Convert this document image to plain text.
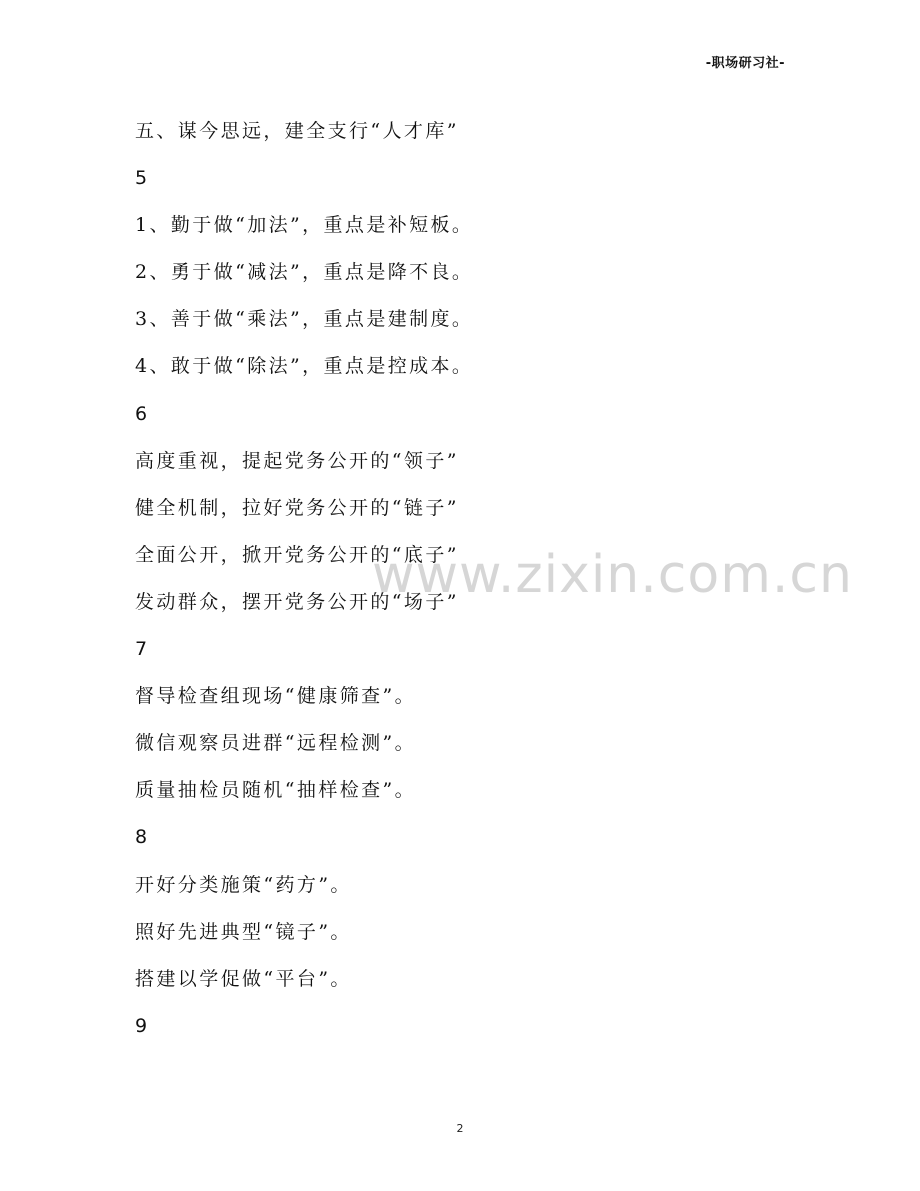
-职场研习社-
www.zixin.com.cn
五、谋今思远，建全支行“人才库”
5
1、勤于做“加法”，重点是补短板。
2、勇于做“减法”，重点是降不良。
3、善于做“乘法”，重点是建制度。
4、敢于做“除法”，重点是控成本。
6
高度重视，提起党务公开的“领子”
健全机制，拉好党务公开的“链子”
全面公开，掀开党务公开的“底子”
发动群众，摆开党务公开的“场子”
7
督导检查组现场“健康筛查”。
微信观察员进群“远程检测”。
质量抽检员随机“抽样检查”。
8
开好分类施策“药方”。
照好先进典型“镜子”。
搭建以学促做“平台”。
9
2
